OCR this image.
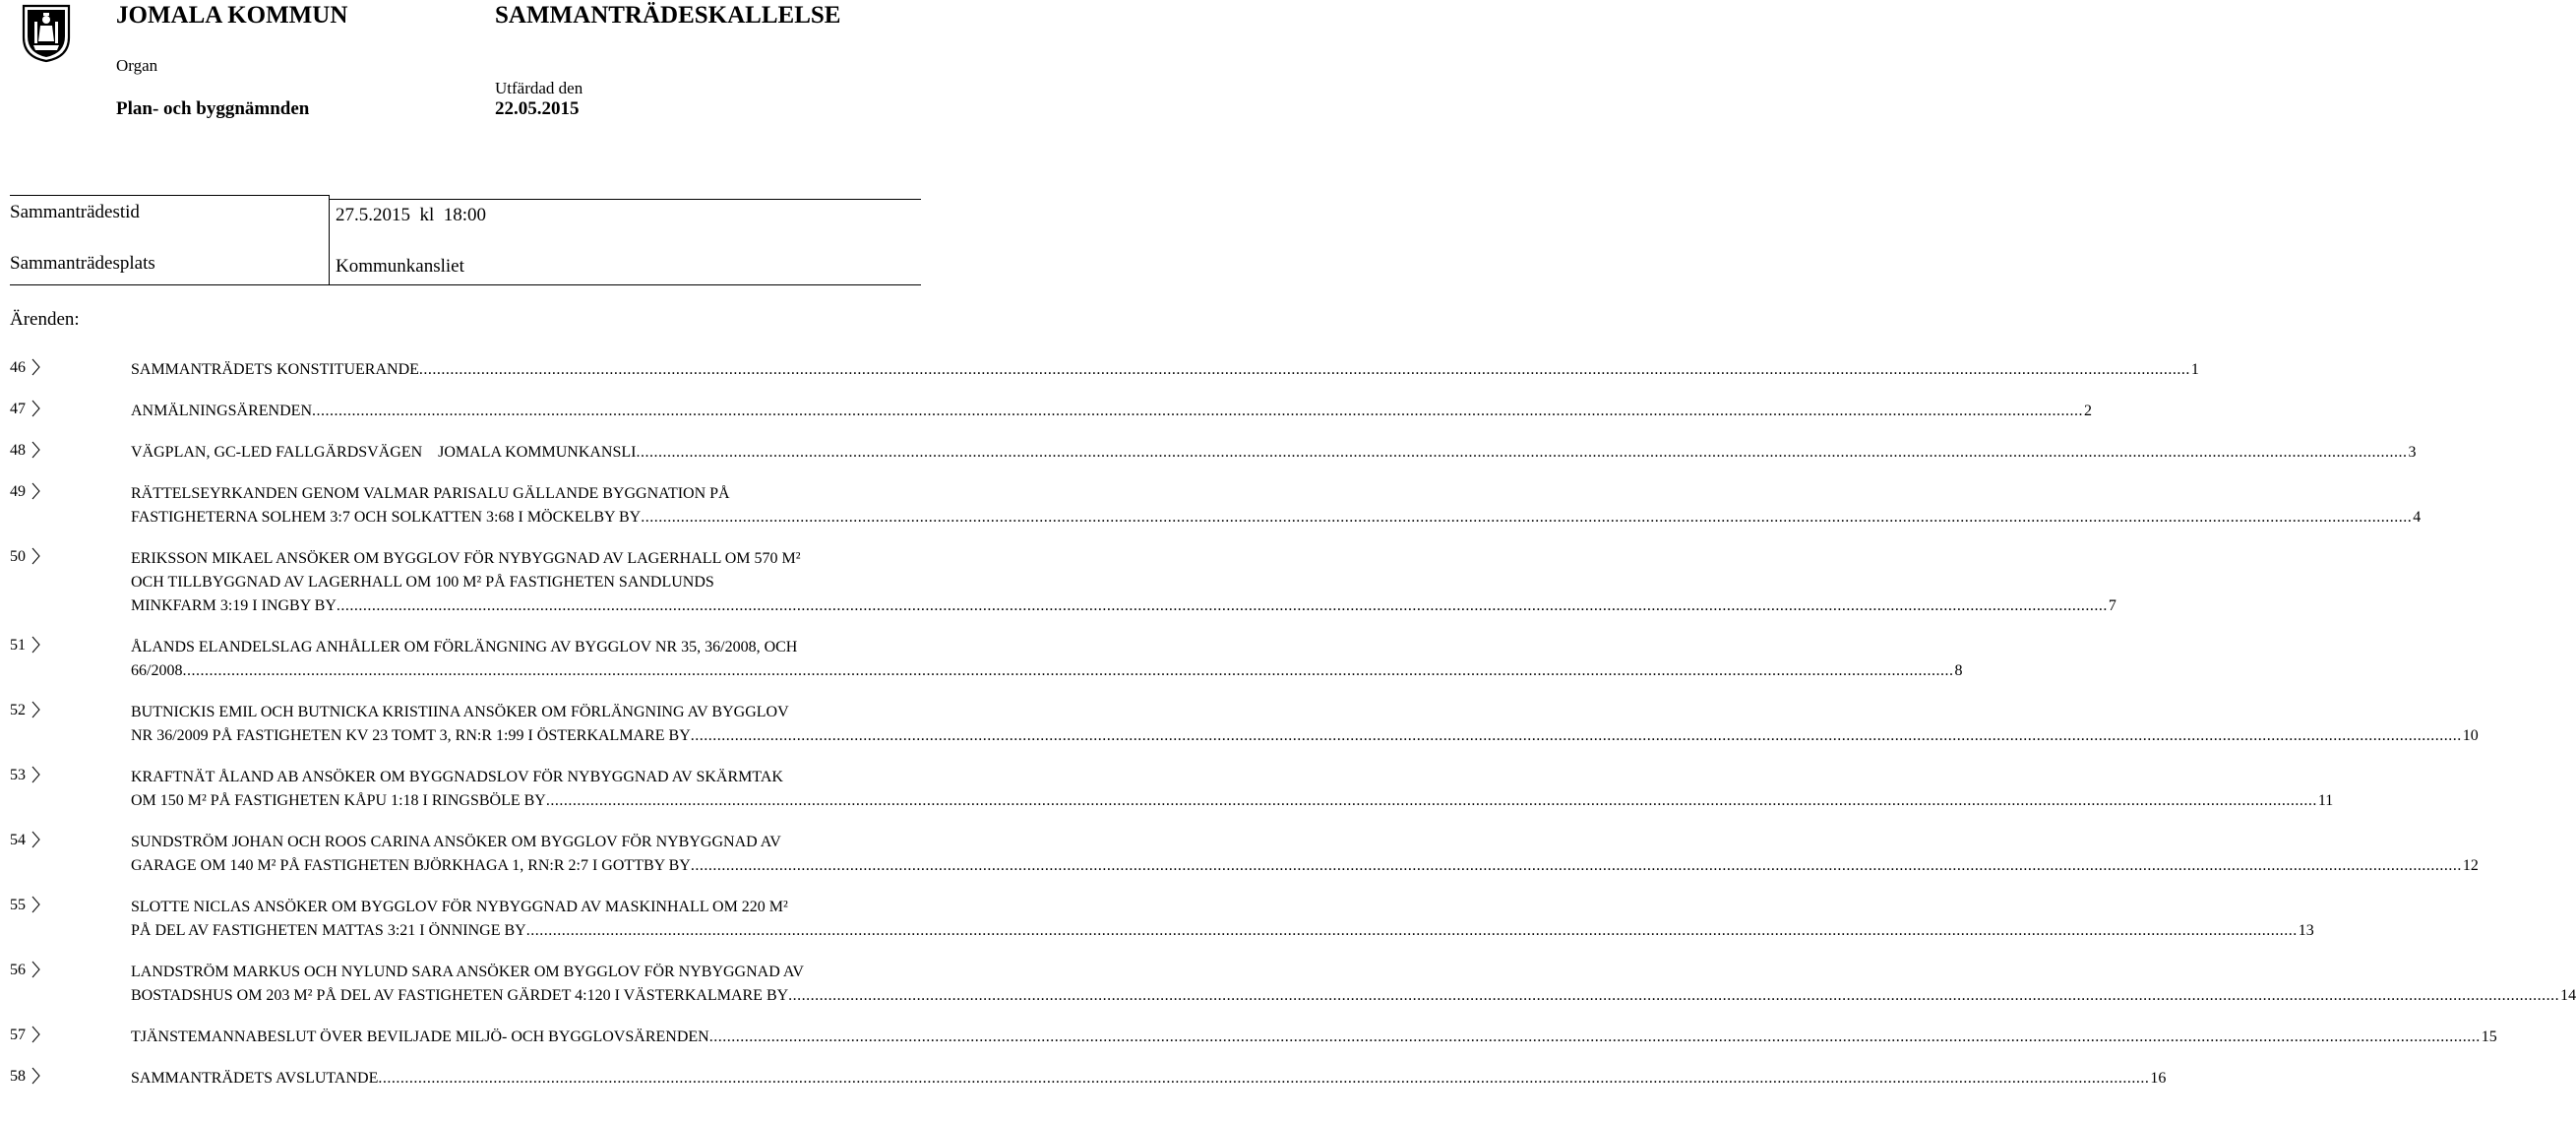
JOMALA KOMMUN	SAMMANTRÄDESKALLELSE
Organ
Plan- och byggnämnden
Utfärdad den
22.05.2015
Sammanträdestid	27.5.2015  kl  18:00
Sammanträdesplats	Kommunkansliet
Ärenden:
46	SAMMANTRÄDETS KONSTITUERANDE ................................................................................................................................................................................................................................................................................................................................................................................................................ 1
47	ANMÄLNINGSÄRENDEN ................................................................................................................................................................................................................................................................................................................................................................................................................ 2
48	VÄGPLAN, GC-LED FALLGÄRDSVÄGEN    JOMALA KOMMUNKANSLI ................................................................................................................................................................................................................................................................................................................................................................................................................ 3
49	RÄTTELSEYRKANDEN GENOM VALMAR PARISALU GÄLLANDE BYGGNATION PÅ
FASTIGHETERNA SOLHEM 3:7 OCH SOLKATTEN 3:68 I MÖCKELBY BY ................................................................................................................................................................................................................................................................................................................................................................................................................ 4
50	ERIKSSON MIKAEL ANSÖKER OM BYGGLOV FÖR NYBYGGNAD AV LAGERHALL OM 570 M²
OCH TILLBYGGNAD AV LAGERHALL OM 100 M² PÅ FASTIGHETEN SANDLUNDS
MINKFARM 3:19 I INGBY BY ................................................................................................................................................................................................................................................................................................................................................................................................................ 7
51	ÅLANDS ELANDELSLAG ANHÅLLER OM FÖRLÄNGNING AV BYGGLOV NR 35, 36/2008, OCH
66/2008 ................................................................................................................................................................................................................................................................................................................................................................................................................ 8
52	BUTNICKIS EMIL OCH BUTNICKA KRISTIINA ANSÖKER OM FÖRLÄNGNING AV BYGGLOV
NR 36/2009 PÅ FASTIGHETEN KV 23 TOMT 3, RN:R 1:99 I ÖSTERKALMARE BY ................................................................................................................................................................................................................................................................................................................................................................................................................ 10
53	KRAFTNÄT ÅLAND AB ANSÖKER OM BYGGNADSLOV FÖR NYBYGGNAD AV SKÄRMTAK
OM 150 M² PÅ FASTIGHETEN KÅPU 1:18 I RINGSBÖLE BY ................................................................................................................................................................................................................................................................................................................................................................................................................ 11
54	SUNDSTRÖM JOHAN OCH ROOS CARINA ANSÖKER OM BYGGLOV FÖR NYBYGGNAD AV
GARAGE OM 140 M² PÅ FASTIGHETEN BJÖRKHAGA 1, RN:R 2:7 I GOTTBY BY ................................................................................................................................................................................................................................................................................................................................................................................................................ 12
55	SLOTTE NICLAS ANSÖKER OM BYGGLOV FÖR NYBYGGNAD AV MASKINHALL OM 220 M²
PÅ DEL AV FASTIGHETEN MATTAS 3:21 I ÖNNINGE BY ................................................................................................................................................................................................................................................................................................................................................................................................................ 13
56	LANDSTRÖM MARKUS OCH NYLUND SARA ANSÖKER OM BYGGLOV FÖR NYBYGGNAD AV
BOSTADSHUS OM 203 M² PÅ DEL AV FASTIGHETEN GÄRDET 4:120 I VÄSTERKALMARE BY ................................................................................................................................................................................................................................................................................................................................................................................................................ 14
57	TJÄNSTEMANNABESLUT ÖVER BEVILJADE MILJÖ- OCH BYGGLOVSÄRENDEN ................................................................................................................................................................................................................................................................................................................................................................................................................ 15
58	SAMMANTRÄDETS AVSLUTANDE ................................................................................................................................................................................................................................................................................................................................................................................................................ 16
